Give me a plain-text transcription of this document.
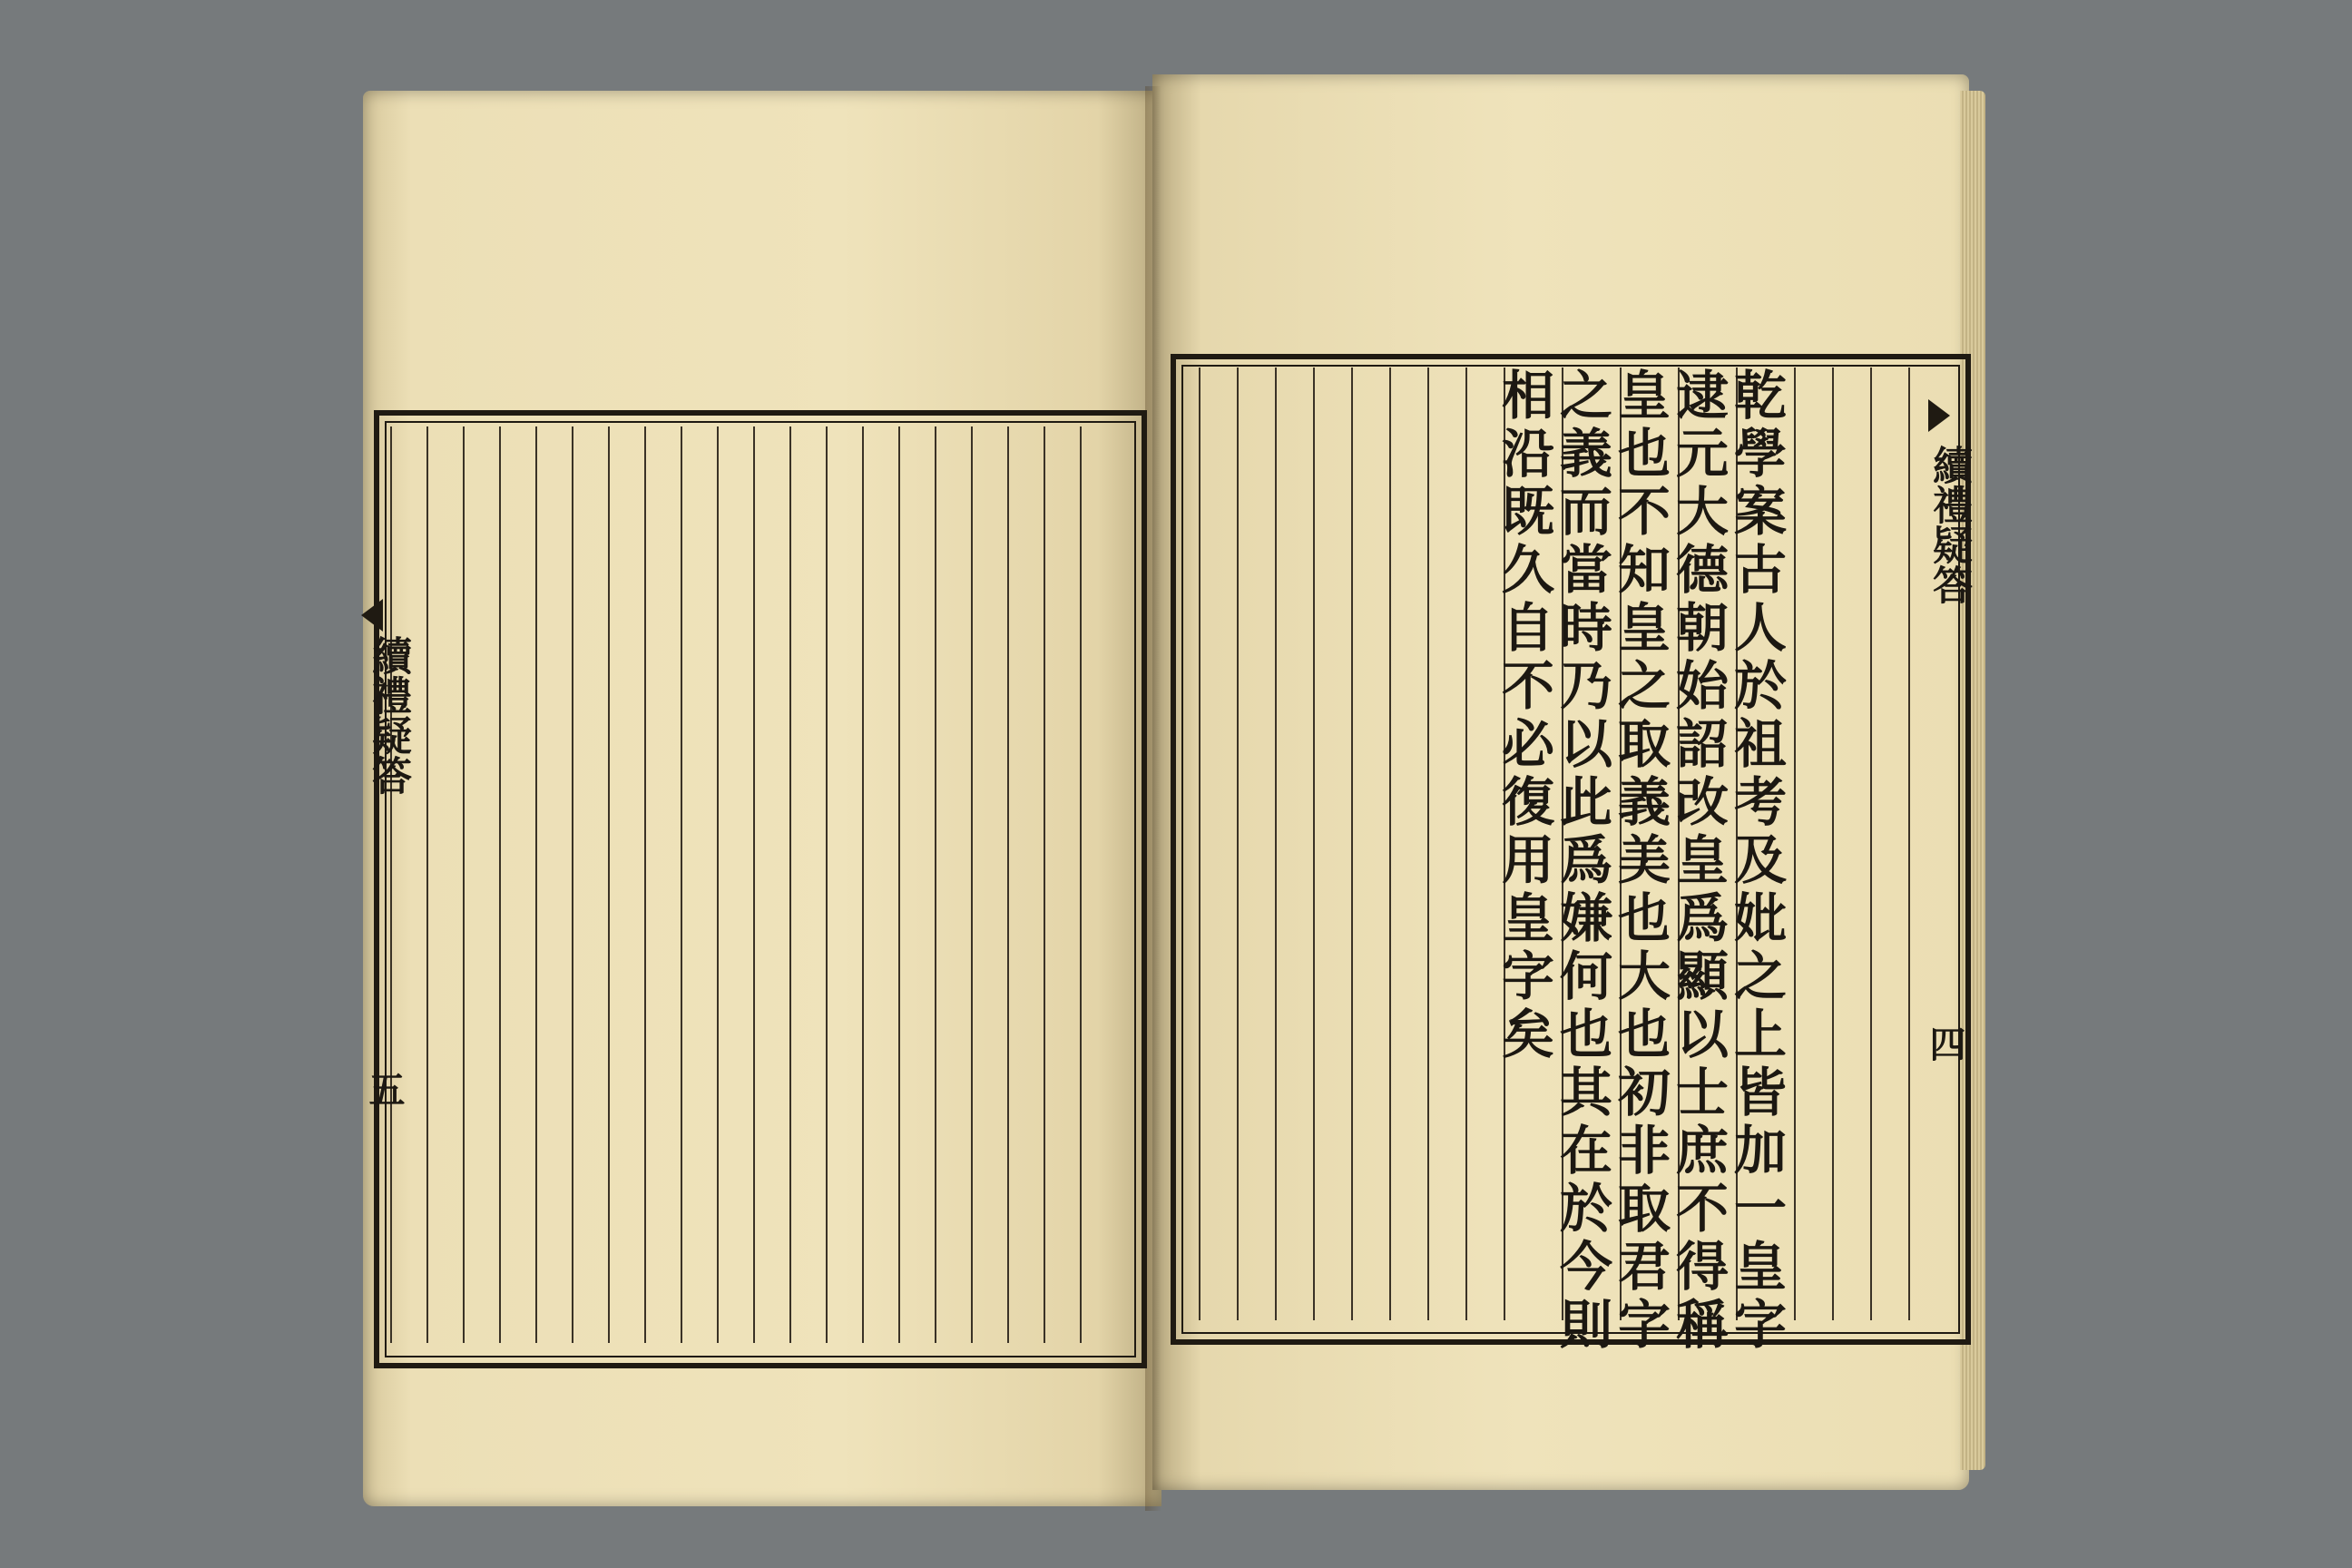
乾學案古人於祖考及妣之上皆加一皇字
逮元大德朝始詔改皇爲顯以士庶不得稱
皇也不知皇之取義美也大也初非取君字
之義而當時乃以此爲嫌何也其在於今則
相沿既久自不必復用皇字矣
續禮疑答
五
續禮疑答
四
